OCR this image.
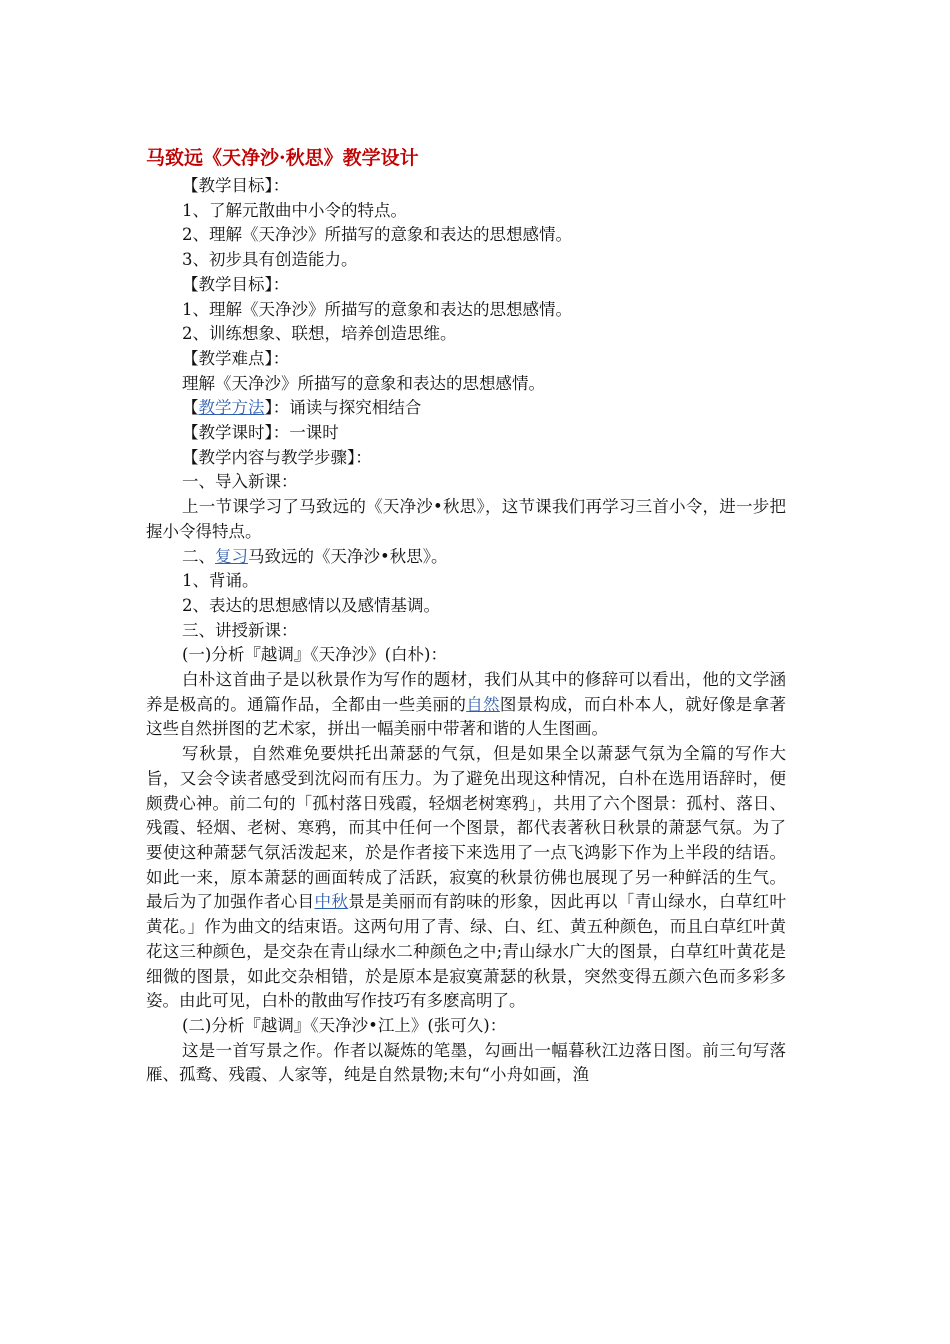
马致远《天净沙·秋思》教学设计

【教学目标】：

1、了解元散曲中小令的特点。

2、理解《天净沙》所描写的意象和表达的思想感情。

3、初步具有创造能力。

【教学目标】：

1、理解《天净沙》所描写的意象和表达的思想感情。

2、训练想象、联想，培养创造思维。

【教学难点】：

理解《天净沙》所描写的意象和表达的思想感情。

【教学方法】：诵读与探究相结合

【教学课时】：一课时

【教学内容与教学步骤】：

一、导入新课：

上一节课学习了马致远的《天净沙•秋思》，这节课我们再学习三首小令，进一步把握小令得特点。

二、复习马致远的《天净沙•秋思》。

1、背诵。

2、表达的思想感情以及感情基调。

三、讲授新课：

(一)分析『越调』《天净沙》(白朴)：

白朴这首曲子是以秋景作为写作的题材，我们从其中的修辞可以看出，他的文学涵养是极高的。通篇作品，全都由一些美丽的自然图景构成，而白朴本人，就好像是拿著这些自然拼图的艺术家，拼出一幅美丽中带著和谐的人生图画。

写秋景，自然难免要烘托出萧瑟的气氛，但是如果全以萧瑟气氛为全篇的写作大旨，又会令读者感受到沈闷而有压力。为了避免出现这种情况，白朴在选用语辞时，便颇费心神。前二句的「孤村落日残霞，轻烟老树寒鸦」，共用了六个图景：孤村、落日、残霞、轻烟、老树、寒鸦，而其中任何一个图景，都代表著秋日秋景的萧瑟气氛。为了要使这种萧瑟气氛活泼起来，於是作者接下来选用了一点飞鸿影下作为上半段的结语。如此一来，原本萧瑟的画面转成了活跃，寂寞的秋景彷佛也展现了另一种鲜活的生气。最后为了加强作者心目中秋景是美丽而有韵味的形象，因此再以「青山绿水，白草红叶黄花。」作为曲文的结束语。这两句用了青、绿、白、红、黄五种颜色，而且白草红叶黄花这三种颜色，是交杂在青山绿水二种颜色之中;青山绿水广大的图景，白草红叶黄花是细微的图景，如此交杂相错，於是原本是寂寞萧瑟的秋景，突然变得五颜六色而多彩多姿。由此可见，白朴的散曲写作技巧有多麽高明了。

(二)分析『越调』《天净沙•江上》(张可久)：

这是一首写景之作。作者以凝炼的笔墨，勾画出一幅暮秋江边落日图。前三句写落雁、孤鹜、残霞、人家等，纯是自然景物;末句“小舟如画，渔
